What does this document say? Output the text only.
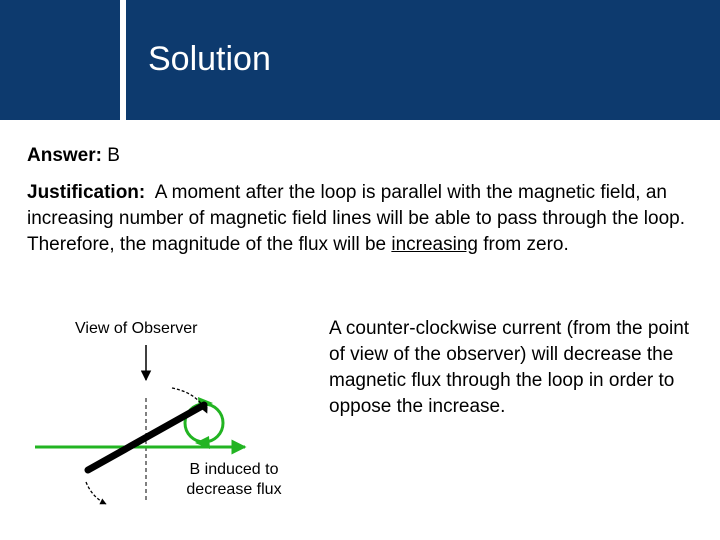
Solution
Answer: B
Justification: A moment after the loop is parallel with the magnetic field, an increasing number of magnetic field lines will be able to pass through the loop. Therefore, the magnitude of the flux will be increasing from zero.
View of Observer
B induced to
decrease flux
A counter-clockwise current (from the point of view of the observer) will decrease the magnetic flux through the loop in order to oppose the increase.
